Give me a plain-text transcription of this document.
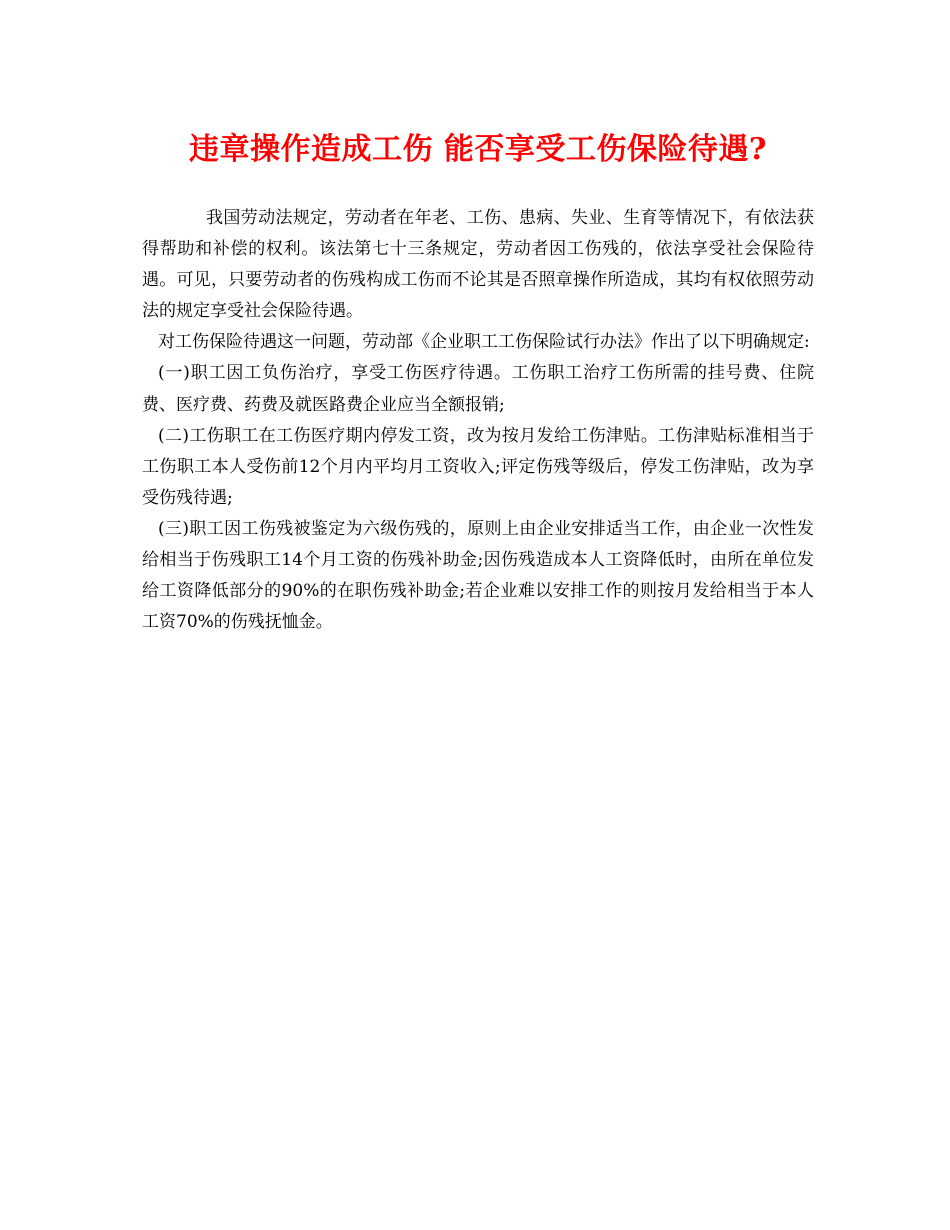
违章操作造成工伤 能否享受工伤保险待遇?

我国劳动法规定，劳动者在年老、工伤、患病、失业、生育等情况下，有依法获得帮助和补偿的权利。该法第七十三条规定，劳动者因工伤残的，依法享受社会保险待遇。可见，只要劳动者的伤残构成工伤而不论其是否照章操作所造成，其均有权依照劳动法的规定享受社会保险待遇。

对工伤保险待遇这一问题，劳动部《企业职工工伤保险试行办法》作出了以下明确规定:

(一)职工因工负伤治疗，享受工伤医疗待遇。工伤职工治疗工伤所需的挂号费、住院费、医疗费、药费及就医路费企业应当全额报销;

(二)工伤职工在工伤医疗期内停发工资，改为按月发给工伤津贴。工伤津贴标准相当于工伤职工本人受伤前12个月内平均月工资收入;评定伤残等级后，停发工伤津贴，改为享受伤残待遇;

(三)职工因工伤残被鉴定为六级伤残的，原则上由企业安排适当工作，由企业一次性发给相当于伤残职工14个月工资的伤残补助金;因伤残造成本人工资降低时，由所在单位发给工资降低部分的90%的在职伤残补助金;若企业难以安排工作的则按月发给相当于本人工资70%的伤残抚恤金。
